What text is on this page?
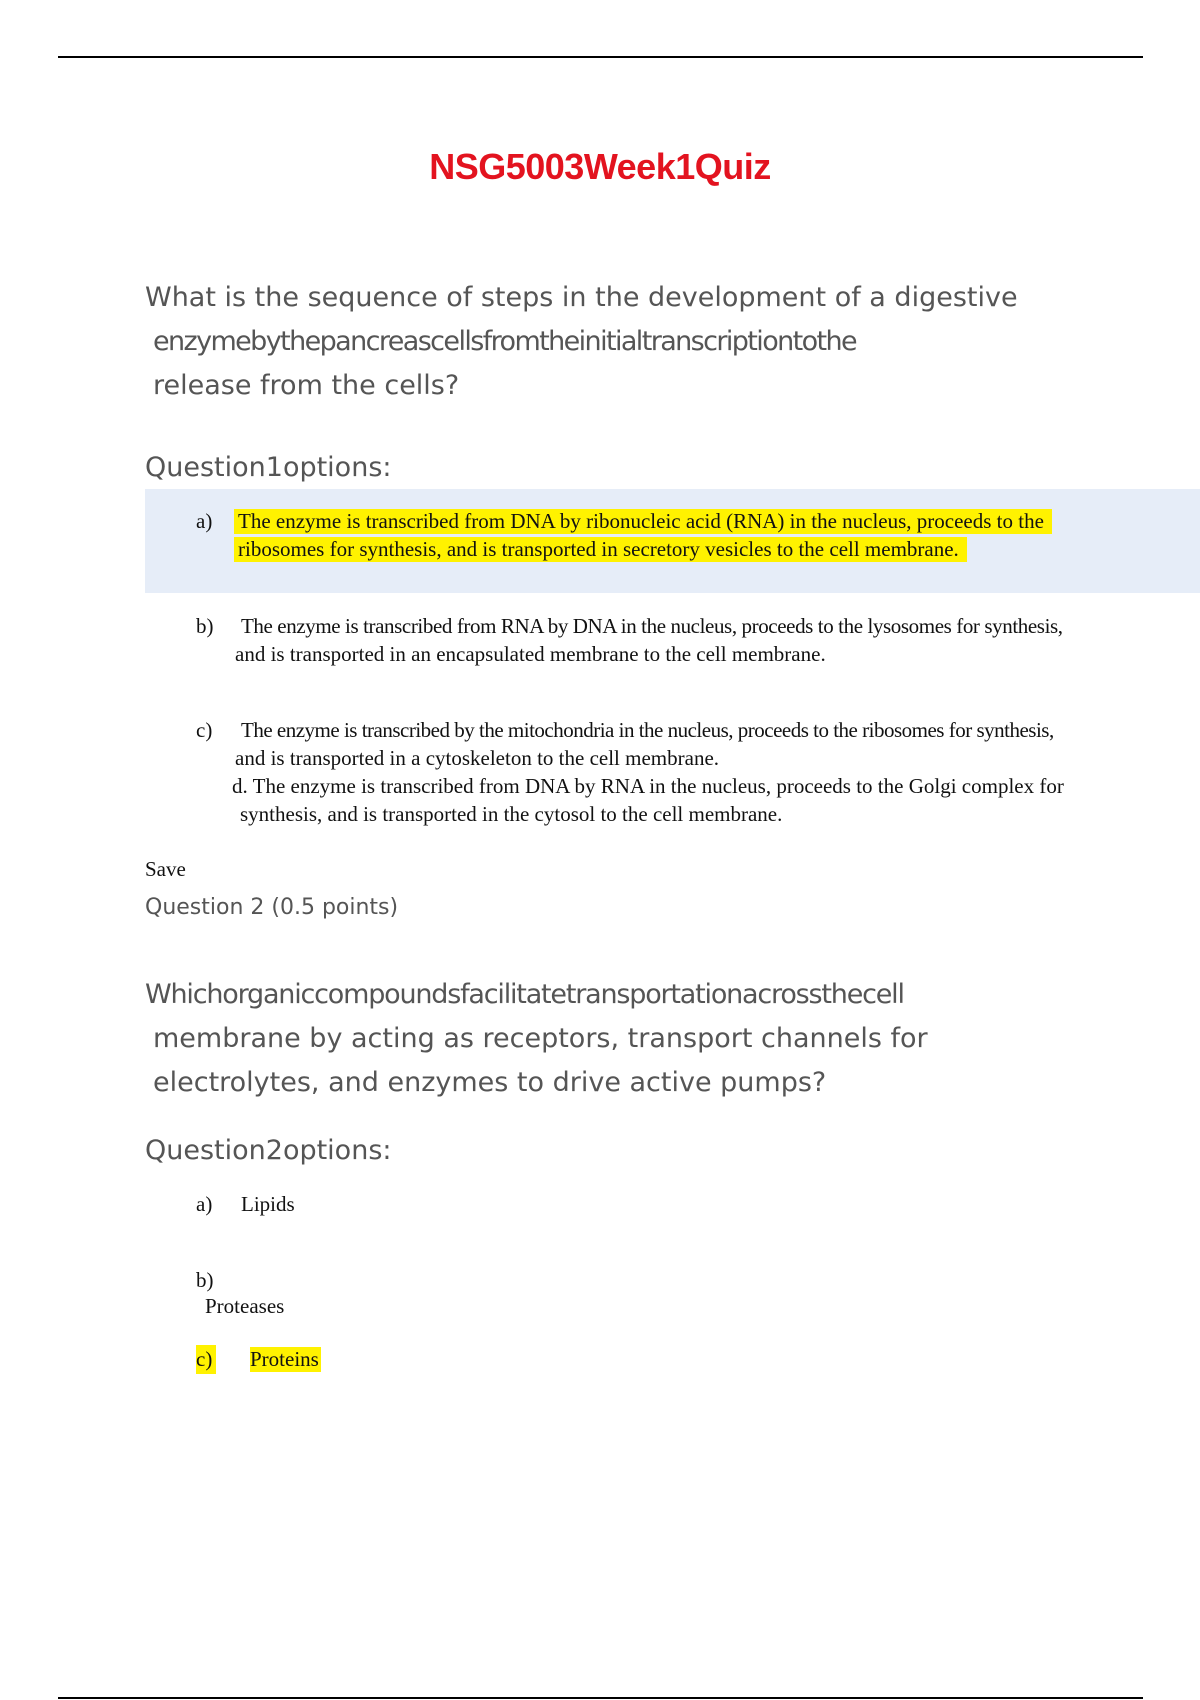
NSG5003Week1Quiz

What is the sequence of steps in the development of a digestive
enzymebythepancreascellsfromtheinitialtranscriptiontothe
release from the cells?

Question1options:

a) The enzyme is transcribed from DNA by ribonucleic acid (RNA) in the nucleus, proceeds to the
ribosomes for synthesis, and is transported in secretory vesicles to the cell membrane.
b) The enzyme is transcribed from RNA by DNA in the nucleus, proceeds to the lysosomes for synthesis,
and is transported in an encapsulated membrane to the cell membrane.
c) The enzyme is transcribed by the mitochondria in the nucleus, proceeds to the ribosomes for synthesis,
and is transported in a cytoskeleton to the cell membrane.
d. The enzyme is transcribed from DNA by RNA in the nucleus, proceeds to the Golgi complex for
synthesis, and is transported in the cytosol to the cell membrane.
Save
Question 2 (0.5 points)

Whichorganiccompoundsfacilitatetransportationacrossthecell
membrane by acting as receptors, transport channels for
electrolytes, and enzymes to drive active pumps?

Question2options:

a) Lipids
b)
Proteases
c) Proteins
